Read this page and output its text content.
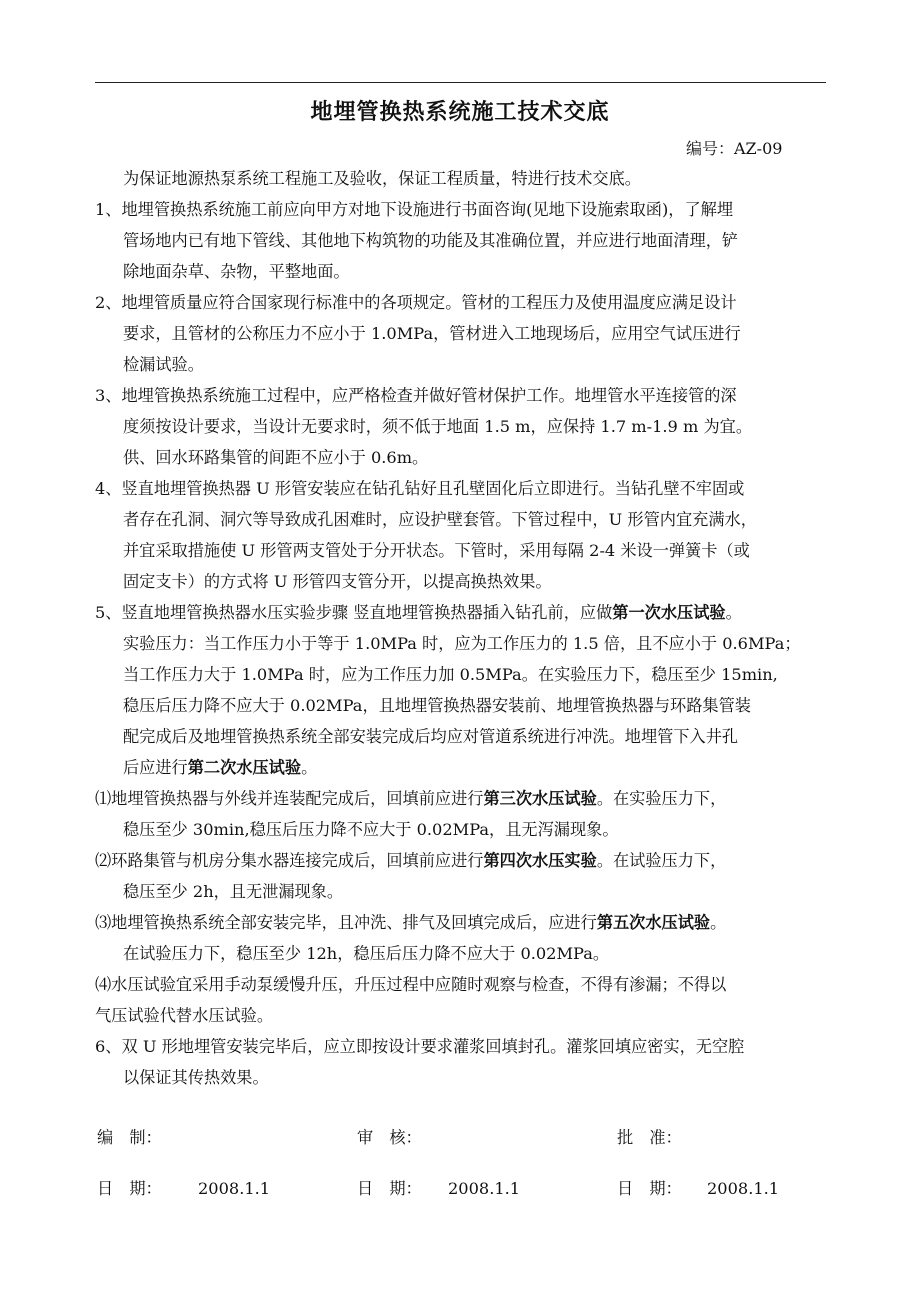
地埋管换热系统施工技术交底
编号：AZ-09
为保证地源热泵系统工程施工及验收，保证工程质量，特进行技术交底。
1、地埋管换热系统施工前应向甲方对地下设施进行书面咨询(见地下设施索取函)，了解埋
管场地内已有地下管线、其他地下构筑物的功能及其准确位置，并应进行地面清理，铲
除地面杂草、杂物，平整地面。
2、地埋管质量应符合国家现行标准中的各项规定。管材的工程压力及使用温度应满足设计
要求，且管材的公称压力不应小于 1.0MPa，管材进入工地现场后，应用空气试压进行
检漏试验。
3、地埋管换热系统施工过程中，应严格检查并做好管材保护工作。地埋管水平连接管的深
度须按设计要求，当设计无要求时，须不低于地面 1.5 m，应保持 1.7 m-1.9 m 为宜。
供、回水环路集管的间距不应小于 0.6m。
4、竖直地埋管换热器 U 形管安装应在钻孔钻好且孔壁固化后立即进行。当钻孔壁不牢固或
者存在孔洞、洞穴等导致成孔困难时，应设护壁套管。下管过程中，U 形管内宜充满水，
并宜采取措施使 U 形管两支管处于分开状态。下管时，采用每隔 2-4 米设一弹簧卡（或
固定支卡）的方式将 U 形管四支管分开，以提高换热效果。
5、竖直地埋管换热器水压实验步骤 竖直地埋管换热器插入钻孔前，应做第一次水压试验。
实验压力：当工作压力小于等于 1.0MPa 时，应为工作压力的 1.5 倍，且不应小于 0.6MPa；
当工作压力大于 1.0MPa 时，应为工作压力加 0.5MPa。在实验压力下，稳压至少 15min,
稳压后压力降不应大于 0.02MPa，且地埋管换热器安装前、地埋管换热器与环路集管装
配完成后及地埋管换热系统全部安装完成后均应对管道系统进行冲洗。地埋管下入井孔
后应进行第二次水压试验。
⑴地埋管换热器与外线并连装配完成后，回填前应进行第三次水压试验。在实验压力下，
稳压至少 30min,稳压后压力降不应大于 0.02MPa，且无泻漏现象。
⑵环路集管与机房分集水器连接完成后，回填前应进行第四次水压实验。在试验压力下，
稳压至少 2h，且无泄漏现象。
⑶地埋管换热系统全部安装完毕，且冲洗、排气及回填完成后，应进行第五次水压试验。
在试验压力下，稳压至少 12h，稳压后压力降不应大于 0.02MPa。
⑷水压试验宜采用手动泵缓慢升压，升压过程中应随时观察与检查，不得有渗漏；不得以
气压试验代替水压试验。
6、双 U 形地埋管安装完毕后，应立即按设计要求灌浆回填封孔。灌浆回填应密实，无空腔
以保证其传热效果。
编　制：	审　核：	批　准：
日　期： 2008.1.1	日　期： 2008.1.1	日　期： 2008.1.1
